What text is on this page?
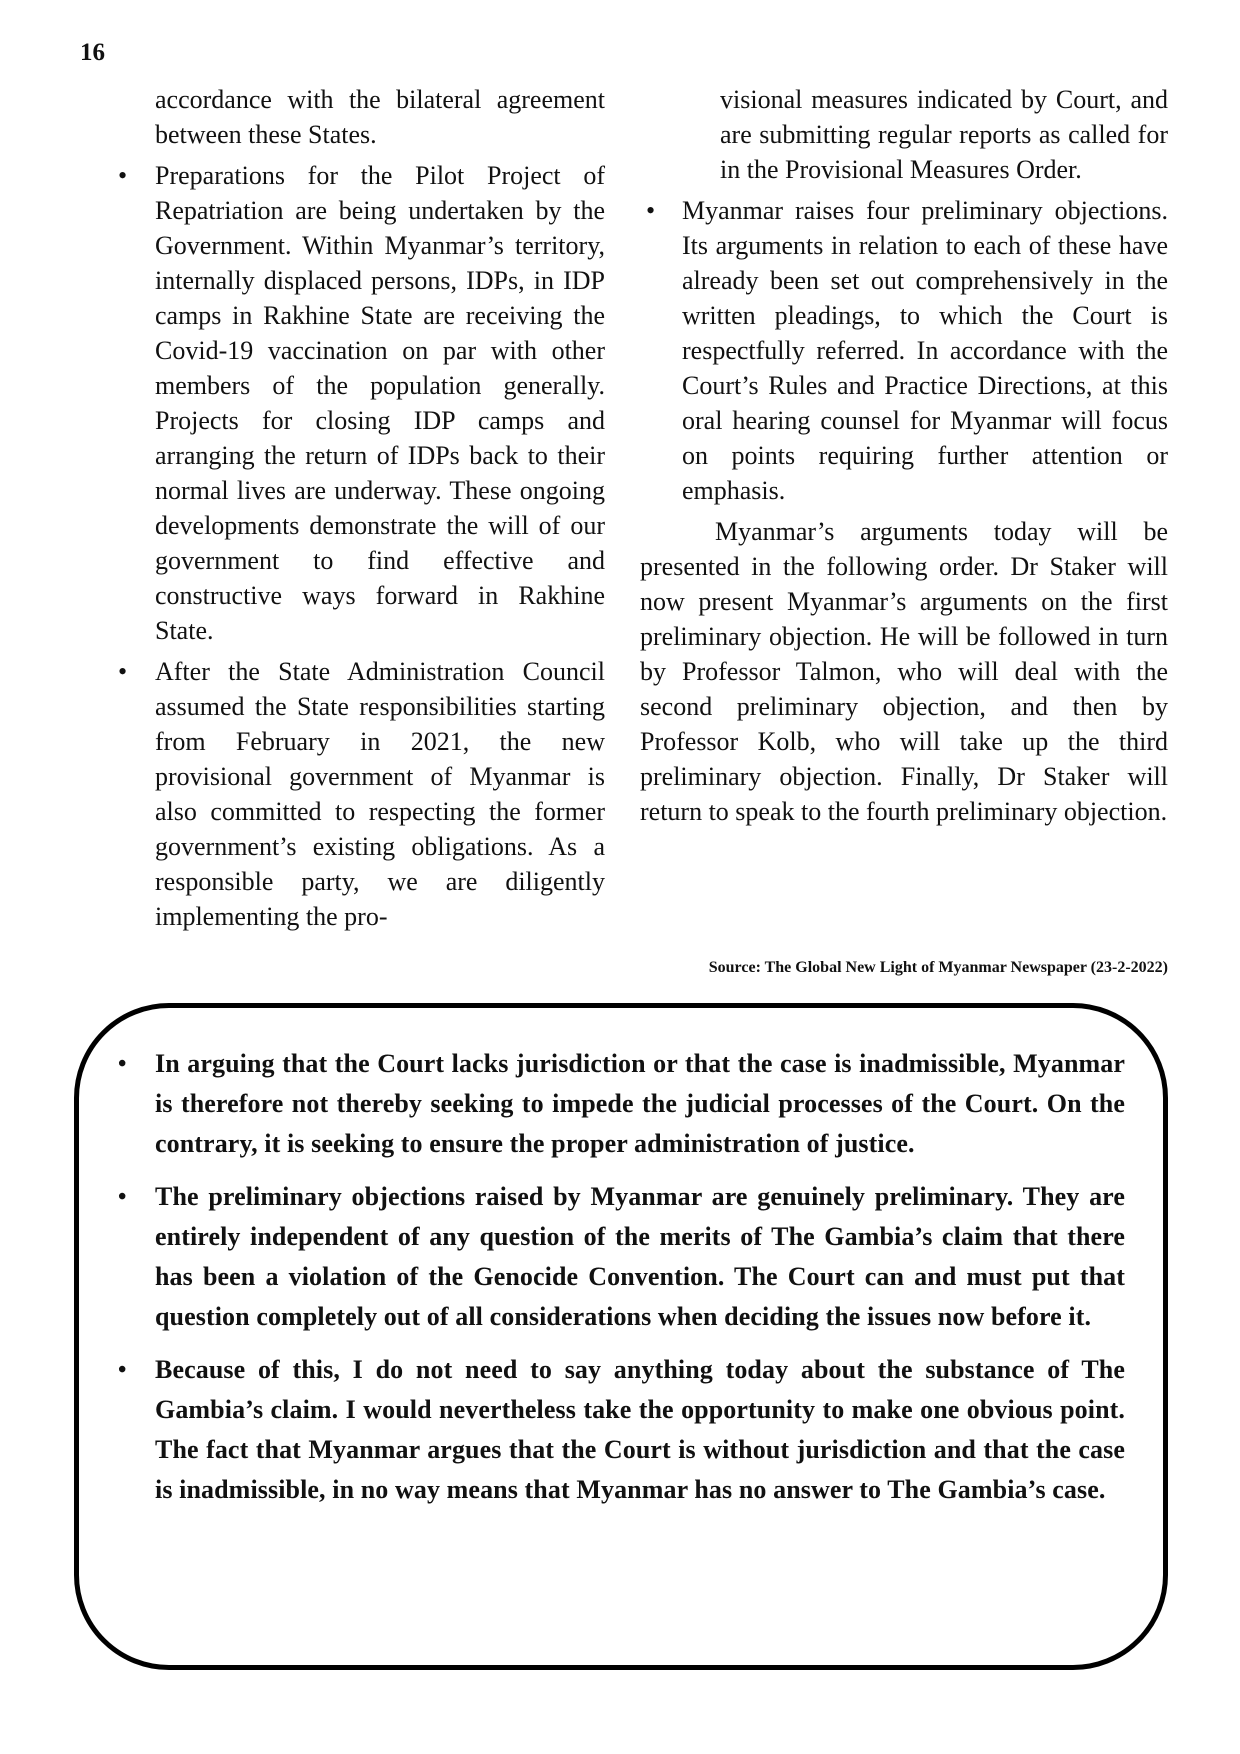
16

accordance with the bilateral agreement between these States.

• Preparations for the Pilot Project of Repatriation are being undertaken by the Government. Within Myanmar’s territory, internally displaced persons, IDPs, in IDP camps in Rakhine State are receiving the Covid-19 vaccination on par with other members of the population generally. Projects for closing IDP camps and arranging the return of IDPs back to their normal lives are underway. These ongoing developments demonstrate the will of our government to find effective and constructive ways forward in Rakhine State.
• After the State Administration Council assumed the State responsibilities starting from February in 2021, the new provisional government of Myanmar is also committed to respecting the former government’s existing obligations. As a responsible party, we are diligently implementing the pro-

visional measures indicated by Court, and are submitting regular reports as called for in the Provisional Measures Order.

• Myanmar raises four preliminary objections. Its arguments in relation to each of these have already been set out comprehensively in the written pleadings, to which the Court is respectfully referred. In accordance with the Court’s Rules and Practice Directions, at this oral hearing counsel for Myanmar will focus on points requiring further attention or emphasis.

Myanmar’s arguments today will be presented in the following order. Dr Staker will now present Myanmar’s arguments on the first preliminary objection. He will be followed in turn by Professor Talmon, who will deal with the second preliminary objection, and then by Professor Kolb, who will take up the third preliminary objection. Finally, Dr Staker will return to speak to the fourth preliminary objection.

Source: The Global New Light of Myanmar Newspaper (23-2-2022)
• In arguing that the Court lacks jurisdiction or that the case is inadmissible, Myanmar is therefore not thereby seeking to impede the judicial processes of the Court. On the contrary, it is seeking to ensure the proper administration of justice.
• The preliminary objections raised by Myanmar are genuinely preliminary. They are entirely independent of any question of the merits of The Gambia’s claim that there has been a violation of the Genocide Convention. The Court can and must put that question completely out of all considerations when deciding the issues now before it.
• Because of this, I do not need to say anything today about the substance of The Gambia’s claim. I would nevertheless take the opportunity to make one obvious point. The fact that Myanmar argues that the Court is without jurisdiction and that the case is inadmissible, in no way means that Myanmar has no answer to The Gambia’s case.
